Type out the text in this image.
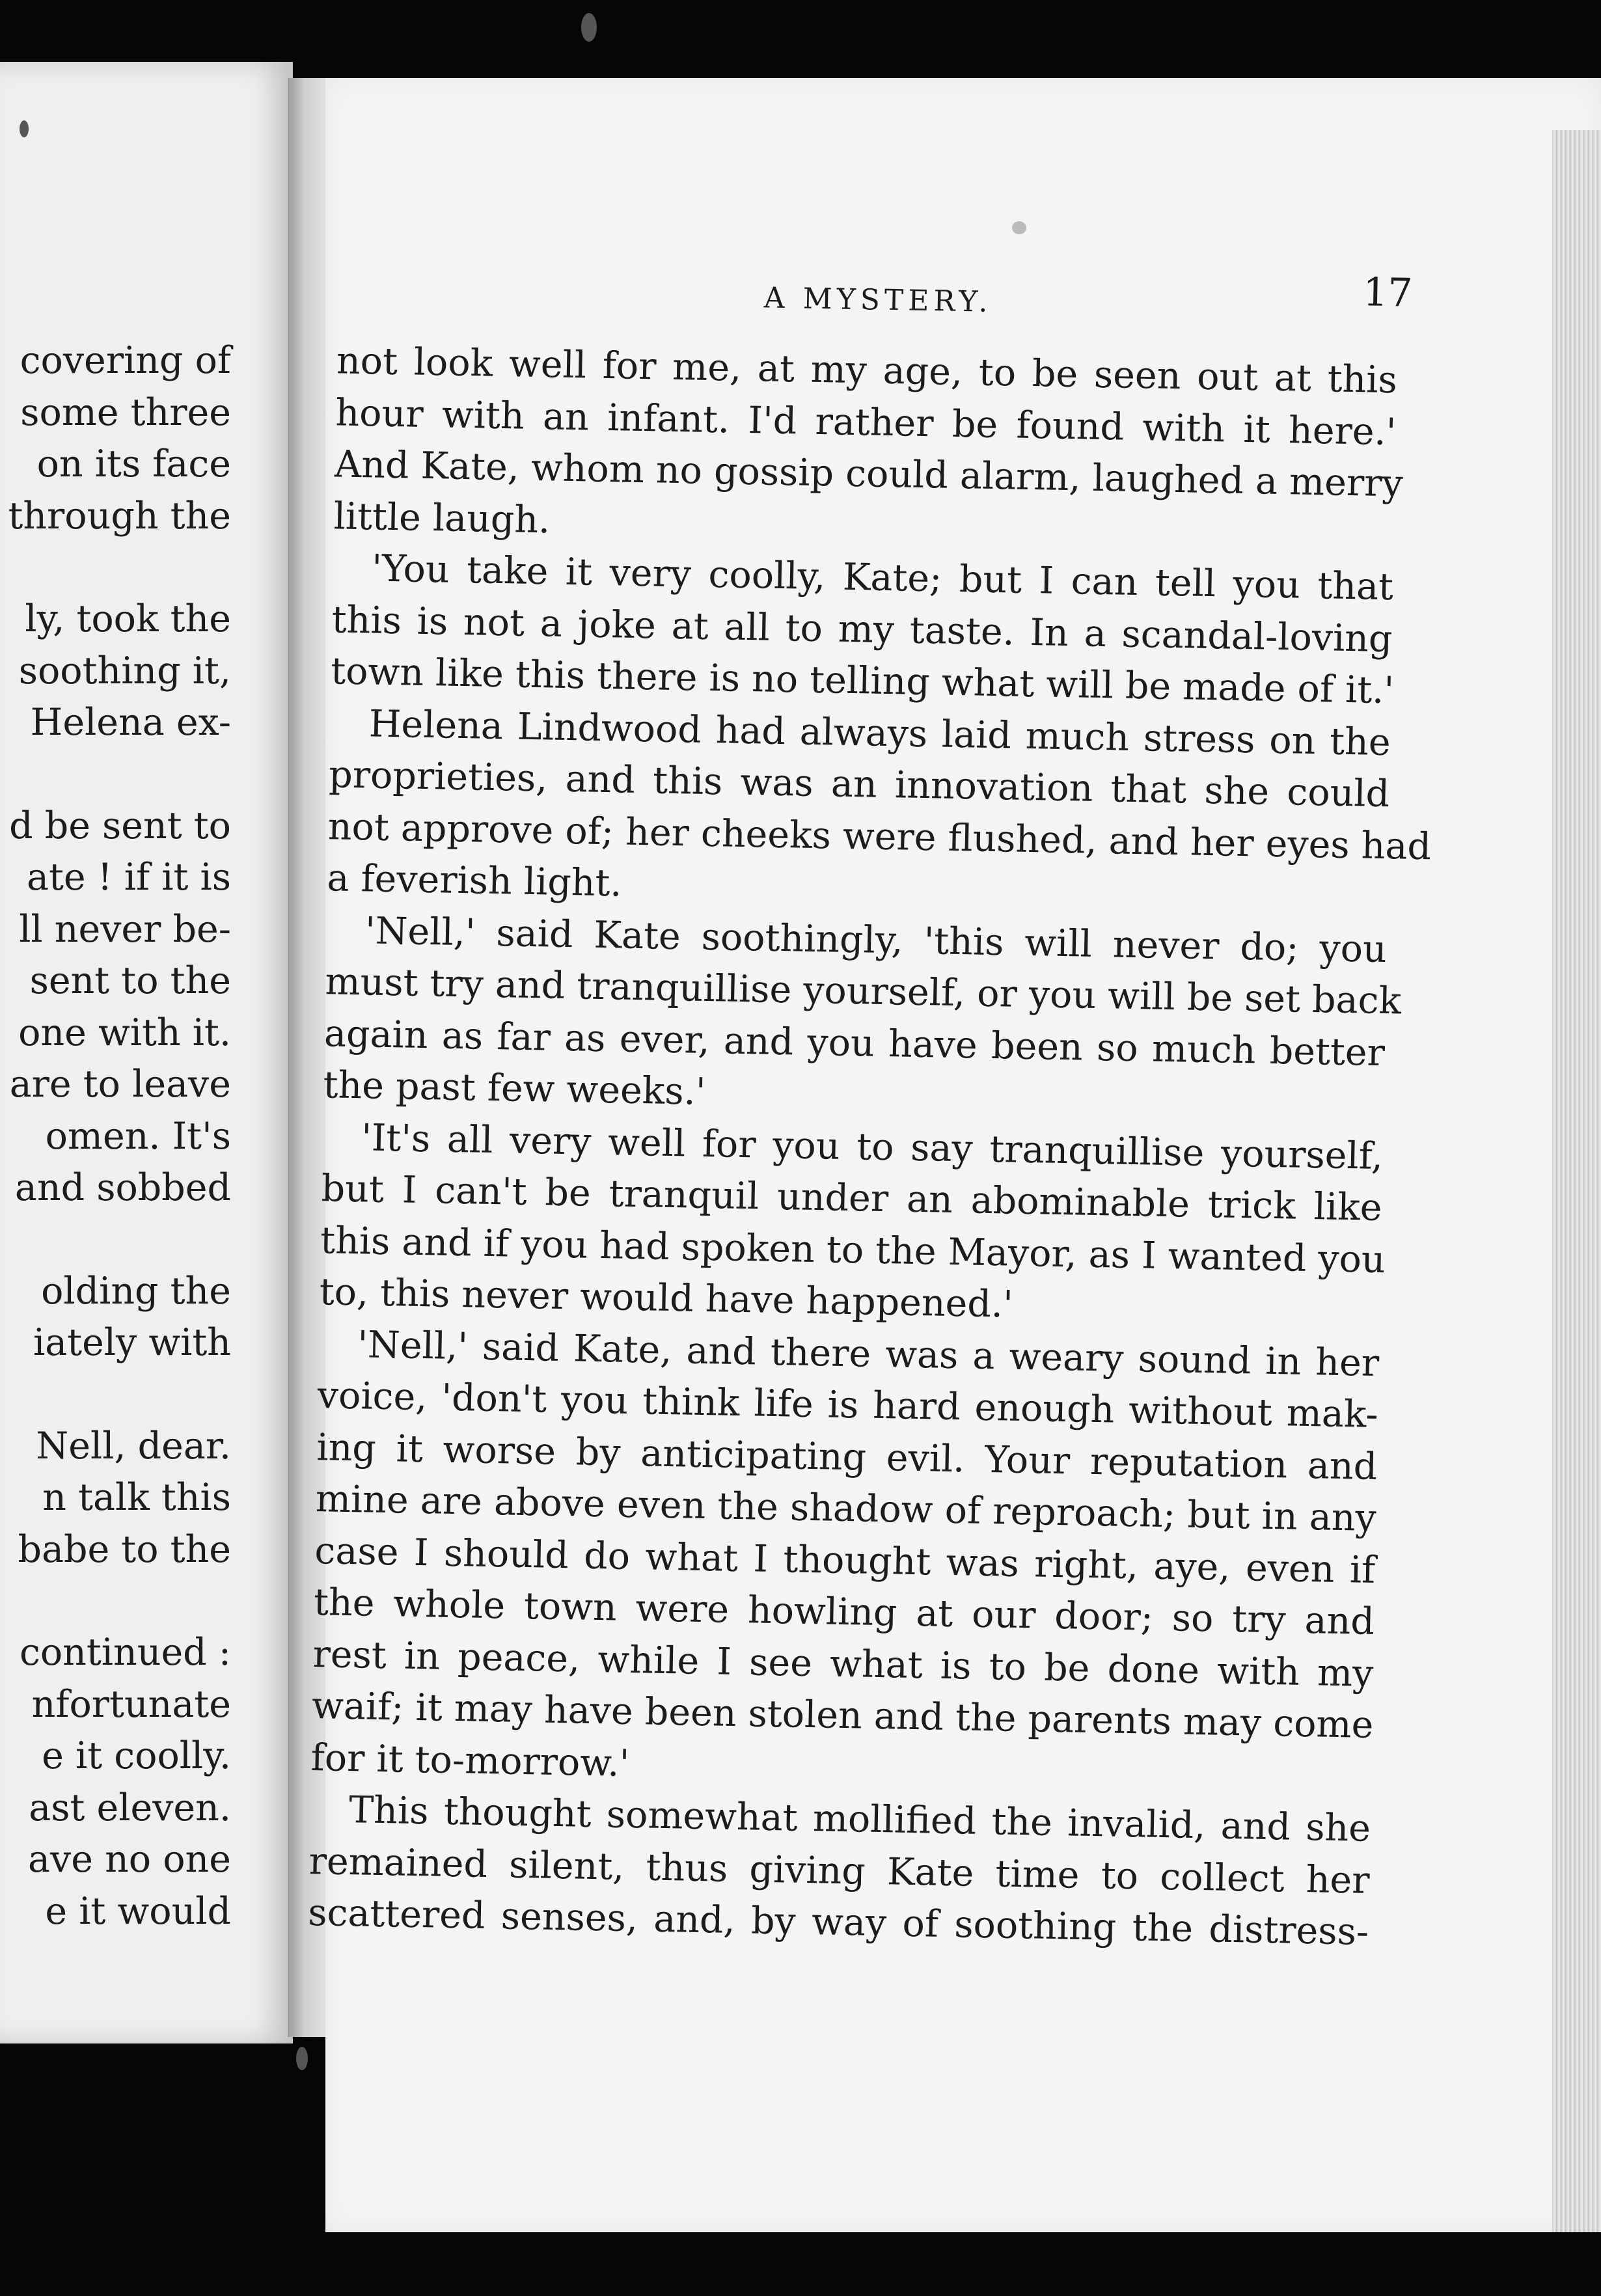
covering of
some three
on its face
through the
ly, took the
soothing it,
Helena ex-
d be sent to
ate ! if it is
ll never be-
sent to the
one with it.
are to leave
omen. It's
and sobbed
olding the
iately with
Nell, dear.
n talk this
babe to the
continued :
nfortunate
e it coolly.
ast eleven.
ave no one
e it would
A MYSTERY.	17
not look well for me, at my age, to be seen out at this
hour with an infant. I'd rather be found with it here.'
And Kate, whom no gossip could alarm, laughed a merry
little laugh.
'You take it very coolly, Kate; but I can tell you that
this is not a joke at all to my taste. In a scandal-loving
town like this there is no telling what will be made of it.'
Helena Lindwood had always laid much stress on the
proprieties, and this was an innovation that she could
not approve of; her cheeks were flushed, and her eyes had
a feverish light.
'Nell,' said Kate soothingly, 'this will never do; you
must try and tranquillise yourself, or you will be set back
again as far as ever, and you have been so much better
the past few weeks.'
'It's all very well for you to say tranquillise yourself,
but I can't be tranquil under an abominable trick like
this and if you had spoken to the Mayor, as I wanted you
to, this never would have happened.'
'Nell,' said Kate, and there was a weary sound in her
voice, 'don't you think life is hard enough without mak-
ing it worse by anticipating evil. Your reputation and
mine are above even the shadow of reproach; but in any
case I should do what I thought was right, aye, even if
the whole town were howling at our door; so try and
rest in peace, while I see what is to be done with my
waif; it may have been stolen and the parents may come
for it to-morrow.'
This thought somewhat mollified the invalid, and she
remained silent, thus giving Kate time to collect her
scattered senses, and, by way of soothing the distress-
